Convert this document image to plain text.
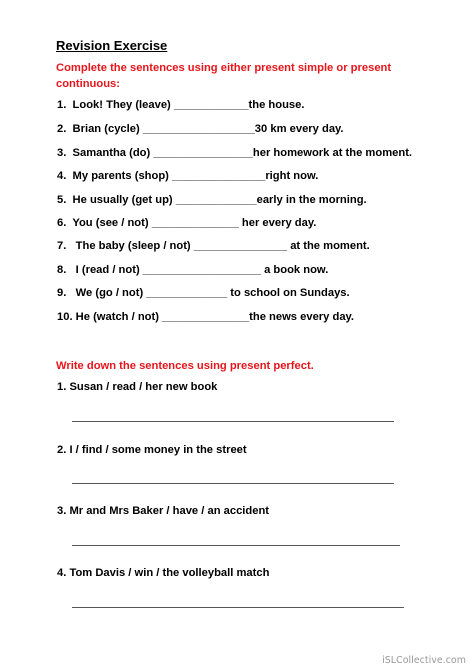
Revision Exercise
Complete the sentences using either present simple or present continuous:
1.  Look! They (leave) ____________the house.
2.  Brian (cycle) __________________30 km every day.
3.  Samantha (do) ________________her homework at the moment.
4.  My parents (shop) _______________right now.
5.  He usually (get up) _____________early in the morning.
6.  You (see / not) ______________ her every day.
7.   The baby (sleep / not) _______________ at the moment.
8.   I (read / not) ___________________ a book now.
9.   We (go / not) _____________ to school on Sundays.
10. He (watch / not) ______________the news every day.
Write down the sentences using present perfect.
1. Susan / read / her new book
2. I / find / some money in the street
3. Mr and Mrs Baker / have / an accident
4. Tom Davis / win / the volleyball match
iSLCollective.com
